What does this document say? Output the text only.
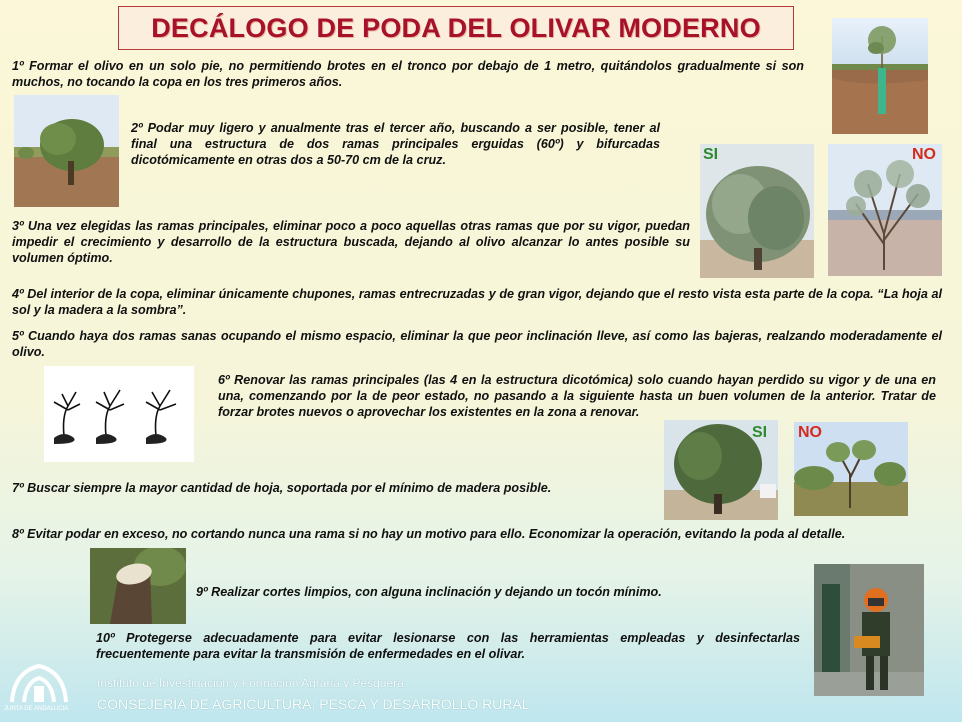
DECÁLOGO DE PODA DEL OLIVAR MODERNO

1º Formar el olivo en un solo pie, no permitiendo brotes en el tronco por debajo de 1 metro, quitándolos gradualmente si son muchos, no tocando la copa en los tres primeros años.

2º Podar muy ligero y anualmente tras el tercer año, buscando a ser posible, tener al final una estructura de dos ramas principales erguidas (60º) y bifurcadas dicotómicamente en otras dos a 50-70 cm de la cruz.	SI	NO

3º Una vez elegidas las ramas principales, eliminar poco a poco aquellas otras ramas que por su vigor, puedan impedir el crecimiento y desarrollo de la estructura buscada, dejando al olivo alcanzar lo antes posible su volumen óptimo.

4º Del interior de la copa, eliminar únicamente chupones, ramas entrecruzadas y de gran vigor, dejando que el resto vista esta parte de la copa. “La hoja al sol y la madera a la sombra”.

5º Cuando haya dos ramas sanas ocupando el mismo espacio, eliminar la que peor inclinación lleve, así como las bajeras, realzando moderadamente el olivo.

6º Renovar las ramas principales (las 4 en la estructura dicotómica) solo cuando hayan perdido su vigor y de una en una, comenzando por la de peor estado, no pasando a la siguiente hasta un buen volumen de la anterior. Tratar de forzar brotes nuevos o aprovechar los existentes en la zona a renovar.

SI NO

7º Buscar siempre la mayor cantidad de hoja, soportada por el mínimo de madera posible.

8º Evitar podar en exceso, no cortando nunca una rama si no hay un motivo para ello. Economizar la operación, evitando la poda al detalle.

9º Realizar cortes limpios, con alguna inclinación y dejando un tocón mínimo.

10º Protegerse adecuadamente para evitar lesionarse con las herramientas empleadas y desinfectarlas frecuentemente para evitar la transmisión de enfermedades en el olivar.

JUNTA DE ANDALUCIA
Instituto de Investigación y Formación Agraria y Pesquera
CONSEJERÍA DE AGRICULTURA, PESCA Y DESARROLLO RURAL
